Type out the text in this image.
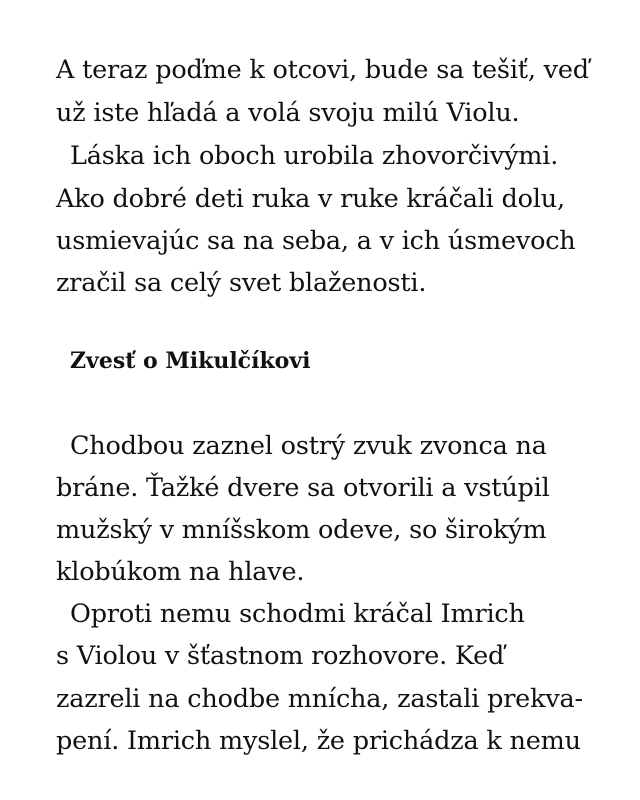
A teraz poďme k otcovi, bude sa tešiť, veď
už iste hľadá a volá svoju milú Violu.
Láska ich oboch urobila zhovorčivými.
Ako dobré deti ruka v ruke kráčali dolu,
usmievajúc sa na seba, a v ich úsmevoch
zračil sa celý svet blaženosti.
Zvesť o Mikulčíkovi
Chodbou zaznel ostrý zvuk zvonca na
bráne. Ťažké dvere sa otvorili a vstúpil
mužský v mníšskom odeve, so širokým
klobúkom na hlave.
Oproti nemu schodmi kráčal Imrich
s Violou v šťastnom rozhovore. Keď
zazreli na chodbe mnícha, zastali prekva-
pení. Imrich myslel, že prichádza k nemu
